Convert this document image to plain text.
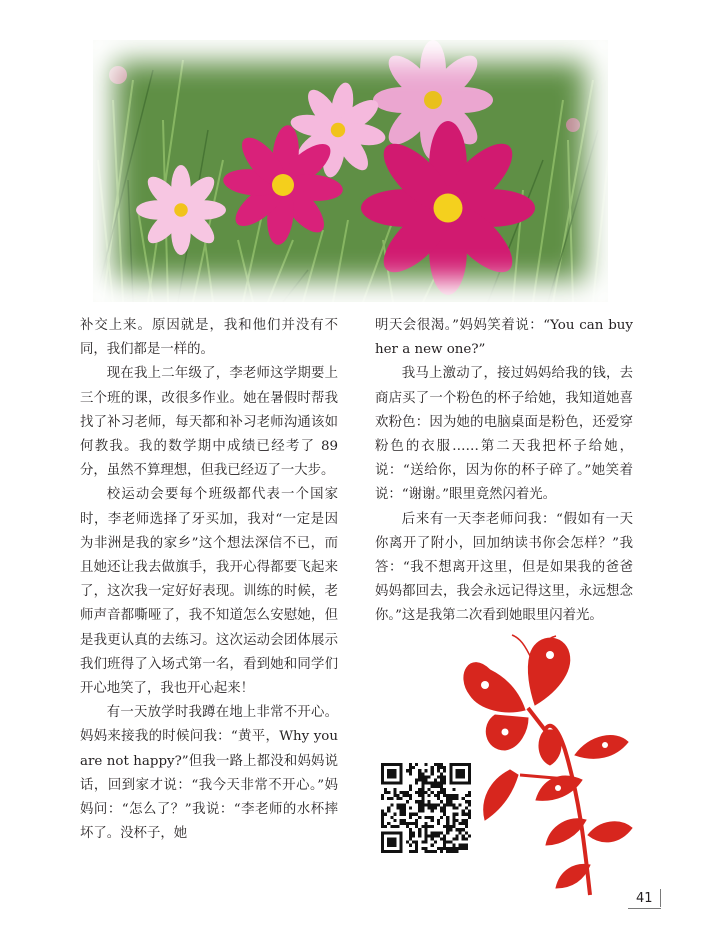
补交上来。原因就是，我和他们并没有不同，我们都是一样的。

现在我上二年级了，李老师这学期要上三个班的课，改很多作业。她在暑假时帮我找了补习老师，每天都和补习老师沟通该如何教我。我的数学期中成绩已经考了 89 分，虽然不算理想，但我已经迈了一大步。

校运动会要每个班级都代表一个国家时，李老师选择了牙买加，我对“一定是因为非洲是我的家乡”这个想法深信不已，而且她还让我去做旗手，我开心得都要飞起来了，这次我一定好好表现。训练的时候，老师声音都嘶哑了，我不知道怎么安慰她，但是我更认真的去练习。这次运动会团体展示我们班得了入场式第一名，看到她和同学们开心地笑了，我也开心起来！

有一天放学时我蹲在地上非常不开心。妈妈来接我的时候问我：“黄平，Why you are not happy?”但我一路上都没和妈妈说话，回到家才说：“我今天非常不开心。”妈妈问：“怎么了？”我说：“李老师的水杯摔坏了。没杯子，她

明天会很渴。”妈妈笑着说：“You can buy her a new one?”

我马上激动了，接过妈妈给我的钱，去商店买了一个粉色的杯子给她，我知道她喜欢粉色：因为她的电脑桌面是粉色，还爱穿粉色的衣服……第二天我把杯子给她，说：“送给你，因为你的杯子碎了。”她笑着说：“谢谢。”眼里竟然闪着光。

后来有一天李老师问我：“假如有一天你离开了附小，回加纳读书你会怎样？”我答：“我不想离开这里，但是如果我的爸爸妈妈都回去，我会永远记得这里，永远想念你。”这是我第二次看到她眼里闪着光。

41
